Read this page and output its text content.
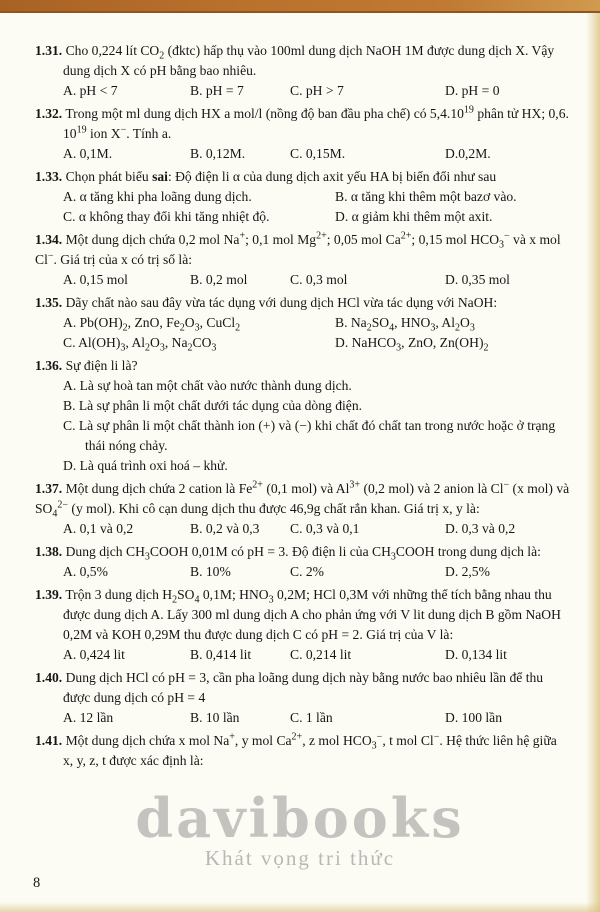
1.31. Cho 0,224 lít $CO_2$ (đktc) hấp thụ vào 100ml dung dịch NaOH 1M được dung dịch X. Vậy dung dịch X có pH bằng bao nhiêu.

A. pH < 7	B. pH = 7	C. pH > 7	D. pH = 0

1.32. Trong một ml dung dịch HX a mol/l (nồng độ ban đầu pha chế) có 5,4.10$^{19}$ phân tử HX; 0,6. $10^{19}$ ion X−. Tính a.

A. 0,1M.	B. 0,12M.	C. 0,15M.	D.0,2M.

1.33. Chọn phát biểu sai: Độ điện li α của dung dịch axit yếu HA bị biến đổi như sau

A. α tăng khi pha loãng dung dịch.	B. α tăng khi thêm một bazơ vào.
C. α không thay đổi khi tăng nhiệt độ.	D. α giảm khi thêm một axit.

1.34. Một dung dịch chứa 0,2 mol Na+; 0,1 mol $Mg^{2+}$; 0,05 mol $Ca^{2+}$; 0,15 mol $HCO_3^-$ và x mol Cl−. Giá trị của x có trị số là:

A. 0,15 mol	B. 0,2 mol	C. 0,3 mol	D. 0,35 mol

1.35. Dãy chất nào sau đây vừa tác dụng với dung dịch HCl vừa tác dụng với NaOH:

A. $Pb(OH)_2$, ZnO, $Fe_2O_3$, CuCl$_2$	B. $Na_2SO_4$, $HNO_3$, $Al_2O_3$
C. $Al(OH)_3$, $Al_2O_3$, $Na_2CO_3$	D. NaHCO$_3$, ZnO, $Zn(OH)_2$

1.36. Sự điện li là?

A. Là sự hoà tan một chất vào nước thành dung dịch.
B. Là sự phân li một chất dưới tác dụng của dòng điện.
C. Là sự phân li một chất thành ion (+) và (−) khi chất đó chất tan trong nước hoặc ở trạng thái nóng chảy.
D. Là quá trình oxi hoá – khử.

1.37. Một dung dịch chứa 2 cation là $Fe^{2+}$ (0,1 mol) và $Al^{3+}$ (0,2 mol) và 2 anion là Cl− (x mol) và $SO_4^{2-}$ (y mol). Khi cô cạn dung dịch thu được 46,9g chất rắn khan. Giá trị x, y là:

A. 0,1 và 0,2	B. 0,2 và 0,3	C. 0,3 và 0,1	D. 0,3 và 0,2

1.38. Dung dịch $CH_3COOH$ 0,01M có pH = 3. Độ điện li của $CH_3COOH$ trong dung dịch là:

A. 0,5%	B. 10%	C. 2%	D. 2,5%

1.39. Trộn 3 dung dịch $H_2SO_4$ 0,1M; $HNO_3$ 0,2M; HCl 0,3M với những thể tích bằng nhau thu được dung dịch A. Lấy 300 ml dung dịch A cho phản ứng với V lit dung dịch B gồm NaOH 0,2M và KOH 0,29M thu được dung dịch C có pH = 2. Giá trị của V là:

A. 0,424 lit	B. 0,414 lit	C. 0,214 lit	D. 0,134 lit

1.40. Dung dịch HCl có pH = 3, cần pha loãng dung dịch này bằng nước bao nhiêu lần để thu được dung dịch có pH = 4

A. 12 lần	B. 10 lần	C. 1 lần	D. 100 lần

1.41. Một dung dịch chứa x mol Na+, y mol $Ca^{2+}$, z mol $HCO_3^-$, t mol Cl−. Hệ thức liên hệ giữa x, y, z, t được xác định là:

davibooks
Khát vọng tri thức
8
